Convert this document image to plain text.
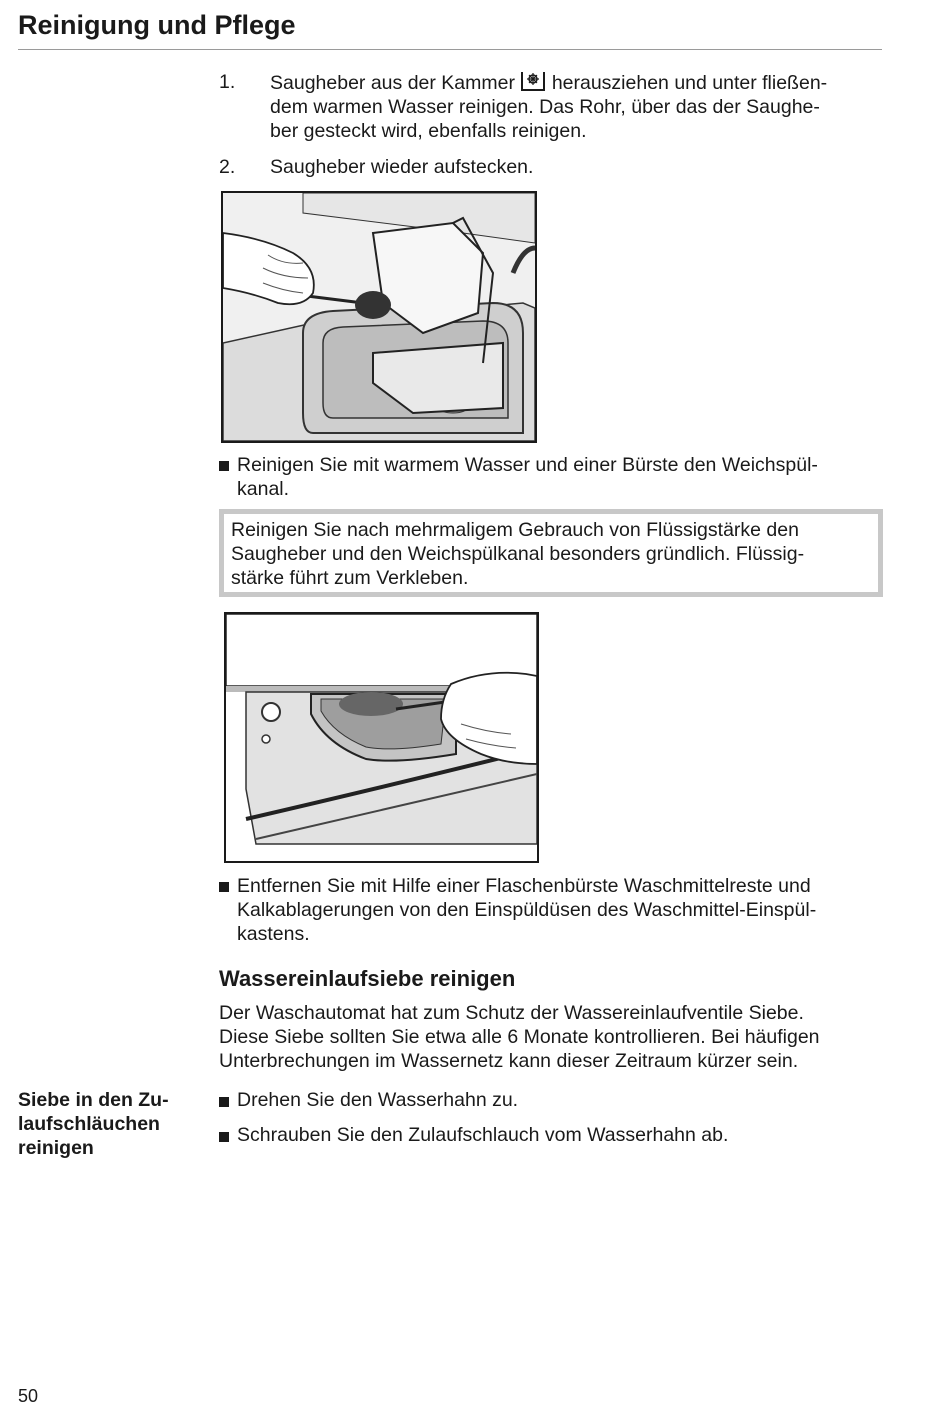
Reinigung und Pflege
1.	Saugheber aus der Kammer herausziehen und unter fließen-
dem warmen Wasser reinigen. Das Rohr, über das der Saughe-
ber gesteckt wird, ebenfalls reinigen.
2.	Saugheber wieder aufstecken.
Reinigen Sie mit warmem Wasser und einer Bürste den Weichspül-
kanal.
Reinigen Sie nach mehrmaligem Gebrauch von Flüssigstärke den
Saugheber und den Weichspülkanal besonders gründlich. Flüssig-
stärke führt zum Verkleben.
Entfernen Sie mit Hilfe einer Flaschenbürste Waschmittelreste und
Kalkablagerungen von den Einspüldüsen des Waschmittel-Einspül-
kastens.
Wassereinlaufsiebe reinigen
Der Waschautomat hat zum Schutz der Wassereinlaufventile Siebe.
Diese Siebe sollten Sie etwa alle 6 Monate kontrollieren. Bei häufigen
Unterbrechungen im Wassernetz kann dieser Zeitraum kürzer sein.
Siebe in den Zu-
laufschläuchen
reinigen
Drehen Sie den Wasserhahn zu.
Schrauben Sie den Zulaufschlauch vom Wasserhahn ab.
50
